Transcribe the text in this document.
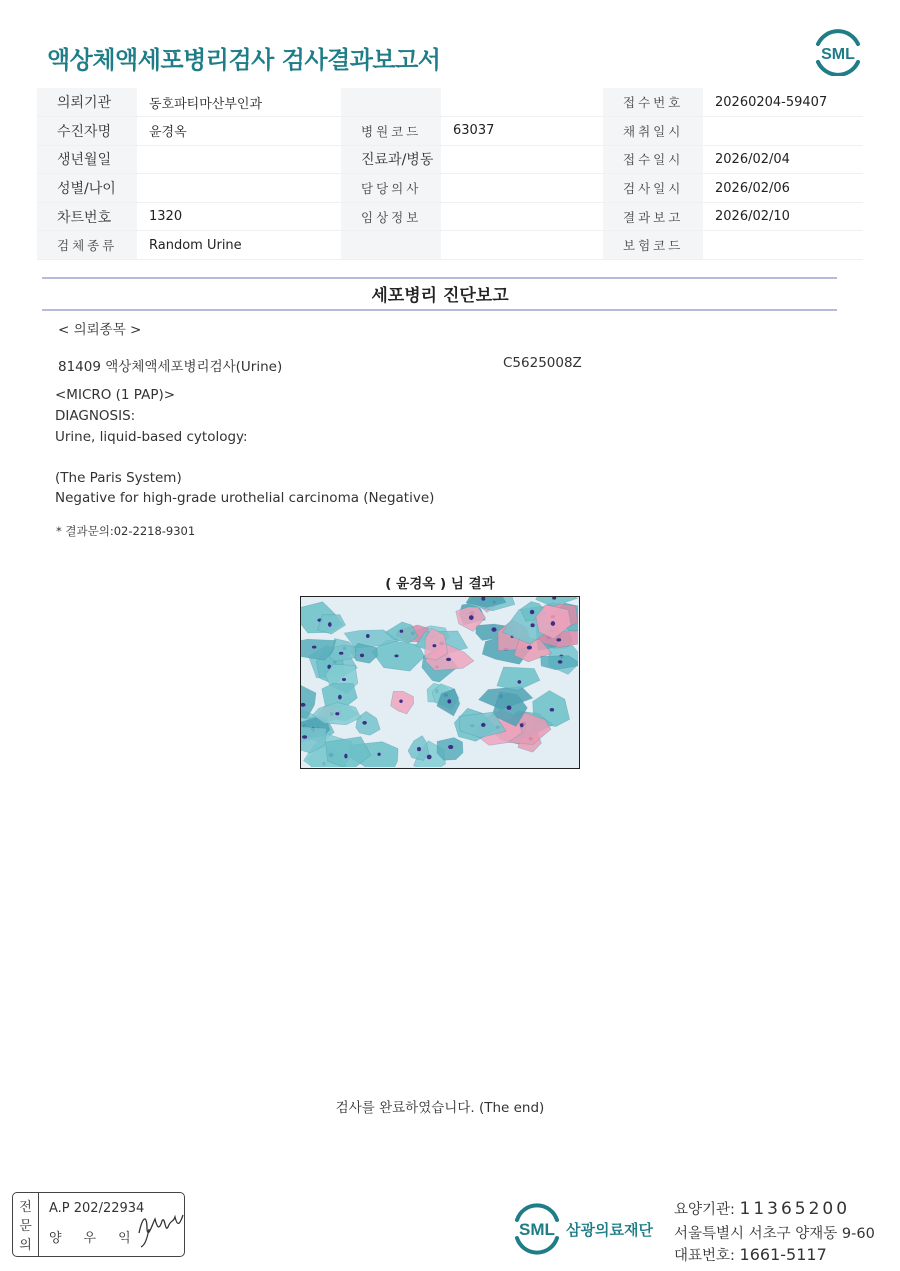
액상체액세포병리검사 검사결과보고서	SML
의뢰기관	동호파티마산부인과			접수번호	20260204-59407
수진자명	윤경옥	병원코드	63037	채취일시	
생년월일		진료과/병동		접수일시	2026/02/04
성별/나이		담당의사		검사일시	2026/02/06
차트번호	1320	임상정보		결과보고	2026/02/10
검체종류	Random Urine			보험코드	
세포병리 진단보고
< 의뢰종목 >
81409 액상체액세포병리검사(Urine)	C5625008Z
<MICRO (1 PAP)>
DIAGNOSIS:
Urine, liquid-based cytology:
(The Paris System)
Negative for high-grade urothelial carcinoma (Negative)
* 결과문의:02-2218-9301
( 윤경옥 ) 님 결과
검사를 완료하였습니다. (The end)
전
문
의
A.P 202/22934
양우익	SML 삼광의료재단
요양기관: 11365200
서울특별시 서초구 양재동 9-60
대표번호: 1661-5117
